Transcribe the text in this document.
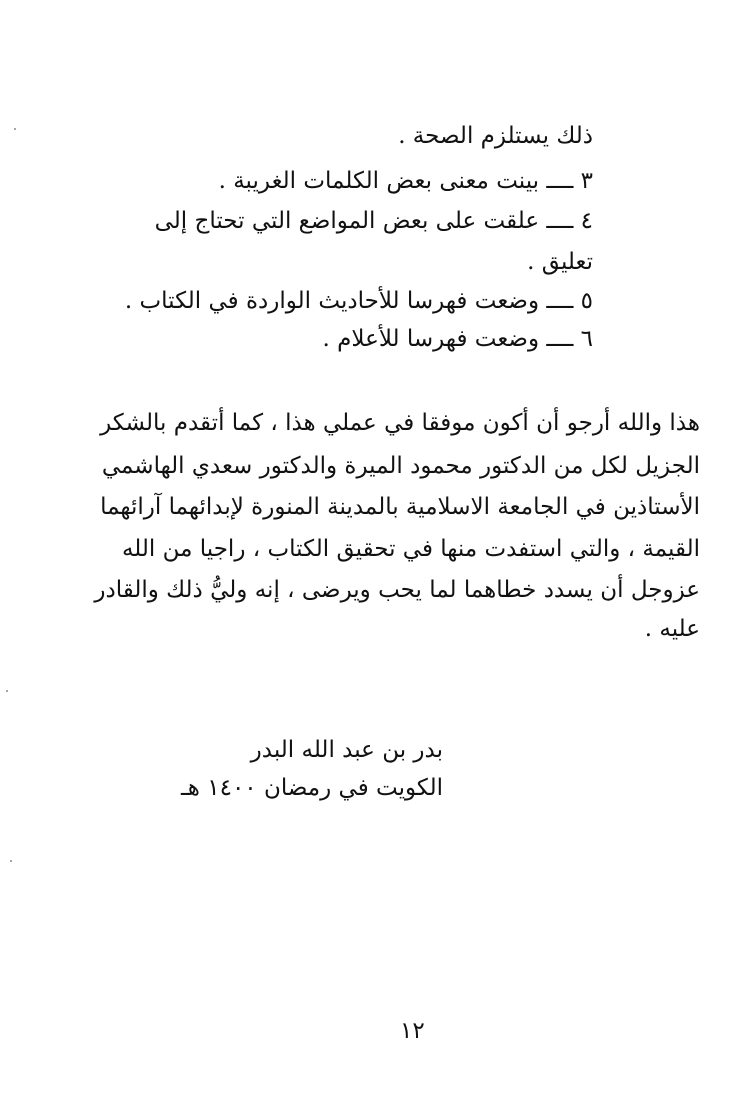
ذلك يستلزم الصحة .
٣ ــــ بينت معنى بعض الكلمات الغريبة .
٤ ــــ علقت على بعض المواضع التي تحتاج إلى
تعليق .
٥ ــــ وضعت فهرسا للأحاديث الواردة في الكتاب .
٦ ــــ وضعت فهرسا للأعلام .
هذا والله أرجو أن أكون موفقا في عملي هذا ، كما أتقدم بالشكر
الجزيل لكل من الدكتور محمود الميرة والدكتور سعدي الهاشمي
الأستاذين في الجامعة الاسلامية بالمدينة المنورة لإبدائهما آرائهما
القيمة ، والتي استفدت منها في تحقيق الكتاب ، راجيا من الله
عزوجل أن يسدد خطاهما لما يحب ويرضى ، إنه وليُّ ذلك والقادر
عليه .
بدر بن عبد الله البدر
الكويت في رمضان ١٤٠٠ هـ
١٢
